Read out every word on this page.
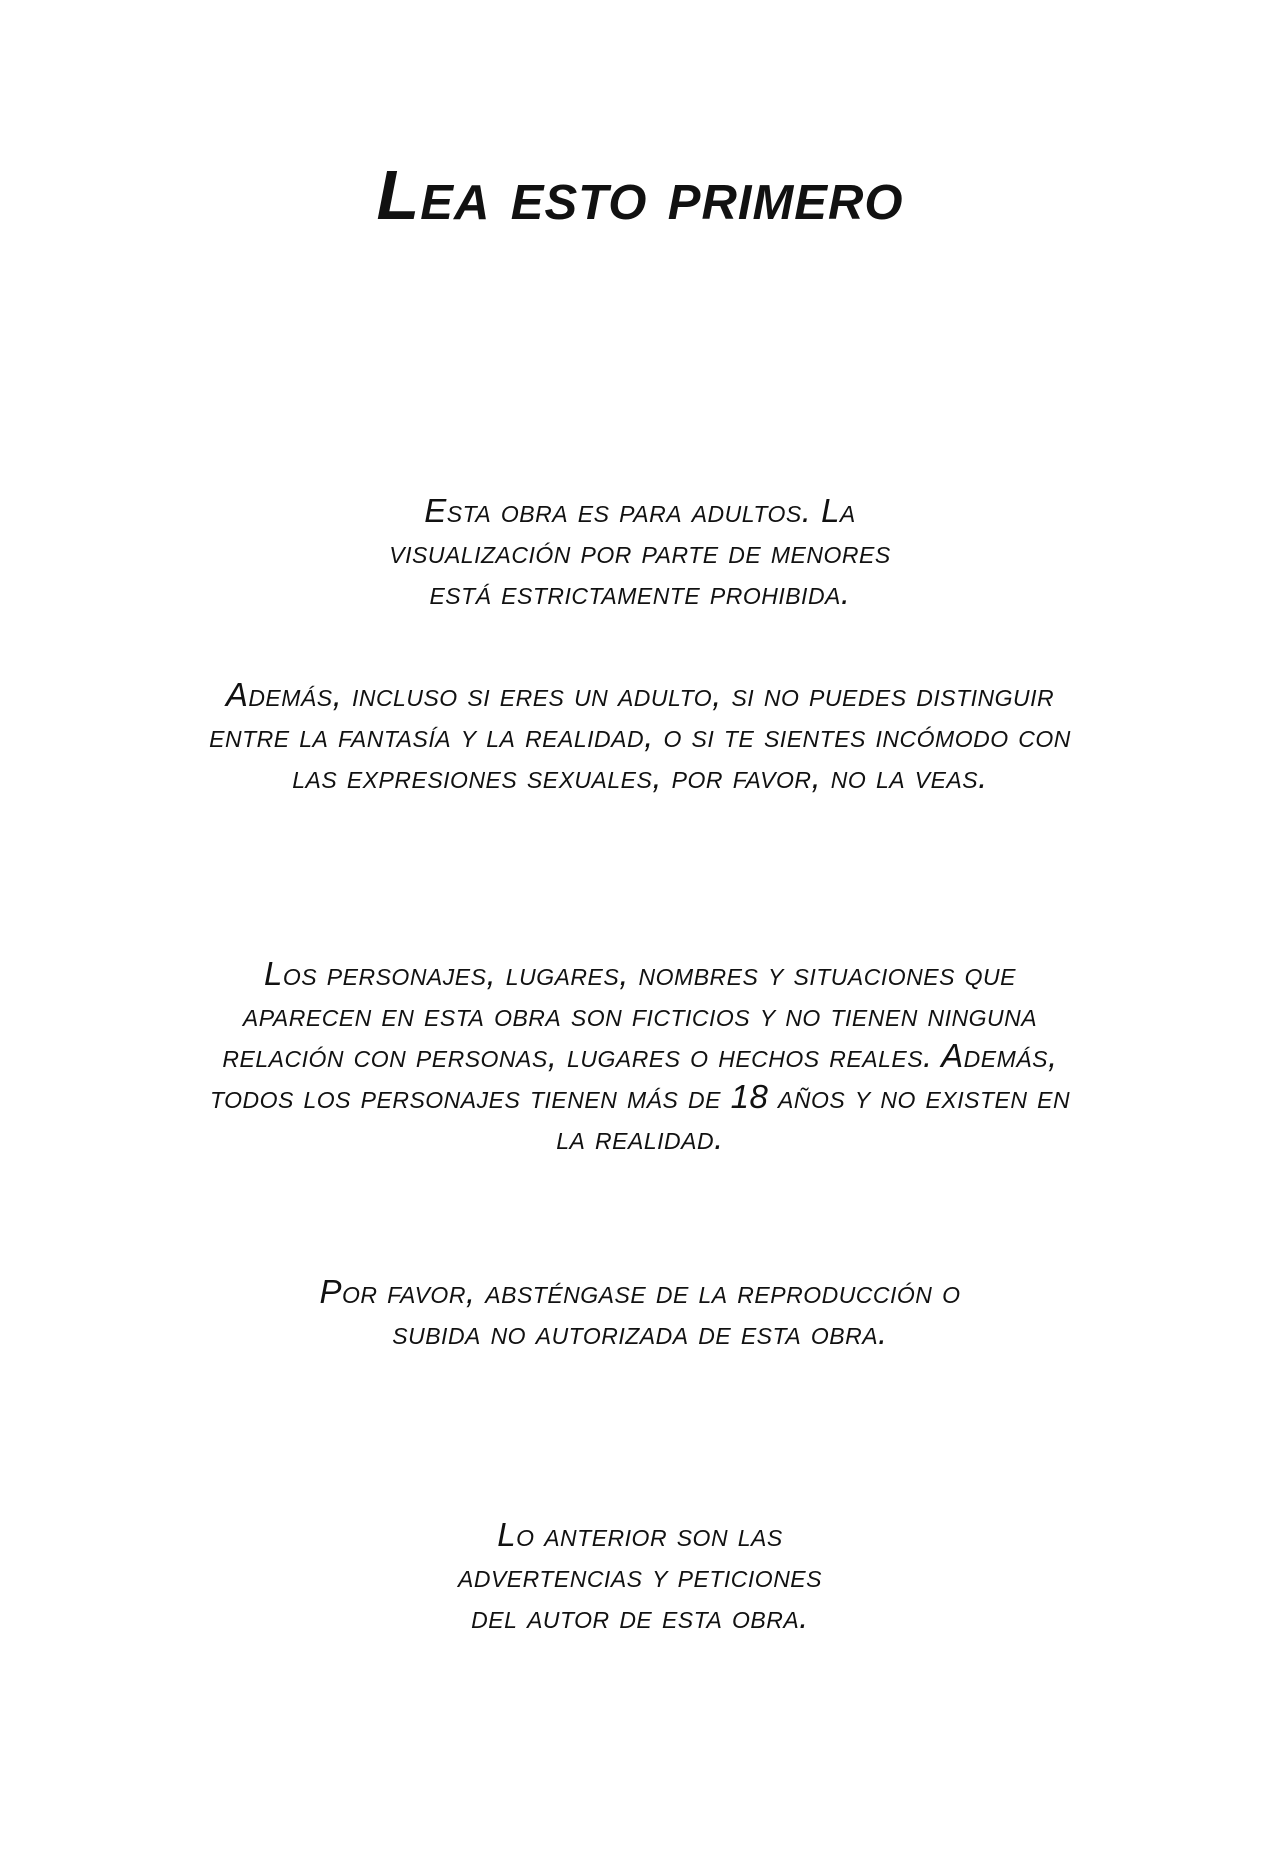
Lea esto primero
Esta obra es para adultos. La
visualización por parte de menores
está estrictamente prohibida.
Además, incluso si eres un adulto, si no puedes distinguir
entre la fantasía y la realidad, o si te sientes incómodo con
las expresiones sexuales, por favor, no la veas.
Los personajes, lugares, nombres y situaciones que
aparecen en esta obra son ficticios y no tienen ninguna
relación con personas, lugares o hechos reales. Además,
todos los personajes tienen más de 18 años y no existen en
la realidad.
Por favor, absténgase de la reproducción o
subida no autorizada de esta obra.
Lo anterior son las
advertencias y peticiones
del autor de esta obra.
